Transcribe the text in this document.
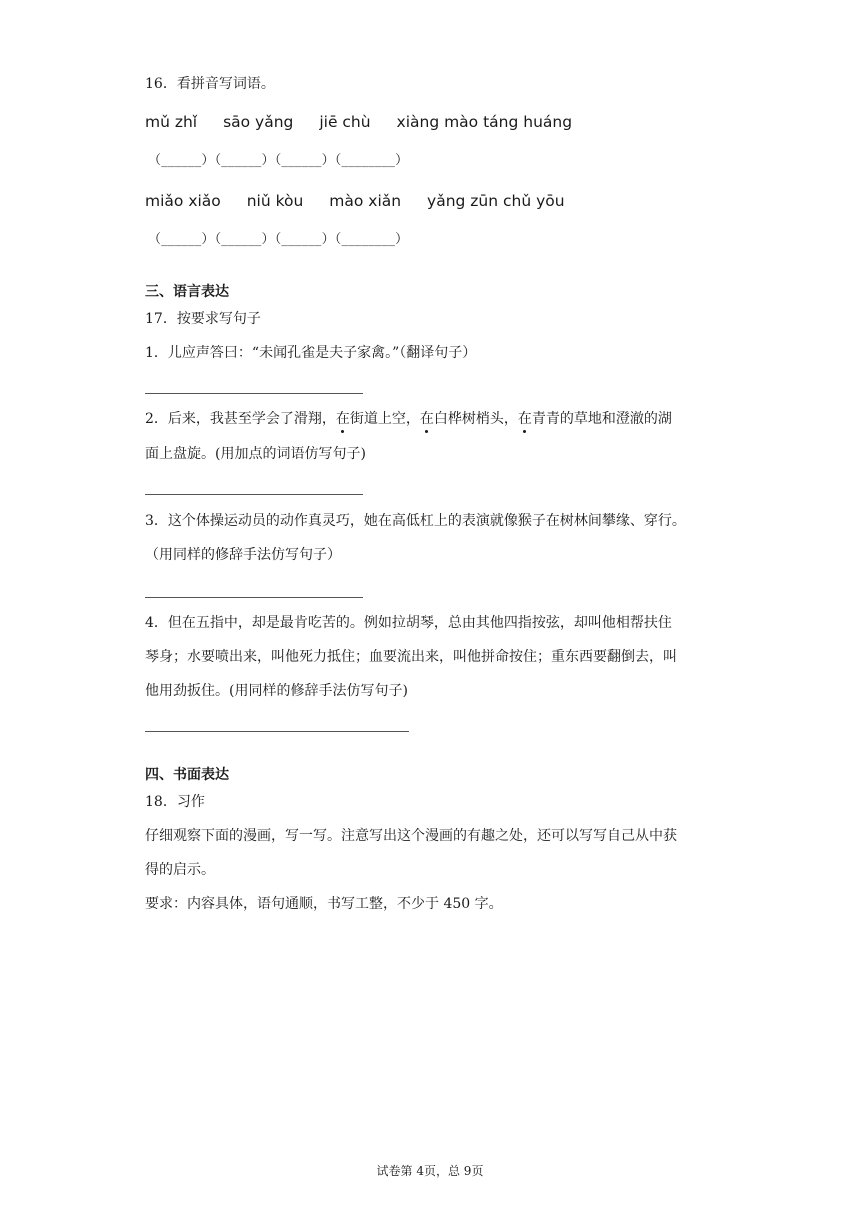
16．看拼音写词语。
mǔ zhǐ sāo yǎng jiē chù xiàng mào táng huáng
（______）（______）（______）（________）
miǎo xiǎo niǔ kòu mào xiǎn yǎng zūn chǔ yōu
（______）（______）（______）（________）
三、语言表达
17．按要求写句子
1．儿应声答曰：“未闻孔雀是夫子家禽。”（翻译句子）
2．后来，我甚至学会了滑翔，在街道上空，在白桦树梢头，在青青的草地和澄澈的湖
面上盘旋。(用加点的词语仿写句子)
3．这个体操运动员的动作真灵巧，她在高低杠上的表演就像猴子在树林间攀缘、穿行。
（用同样的修辞手法仿写句子）
4．但在五指中，却是最肯吃苦的。例如拉胡琴，总由其他四指按弦，却叫他相帮扶住
琴身；水要喷出来，叫他死力抵住；血要流出来，叫他拼命按住；重东西要翻倒去，叫
他用劲扳住。(用同样的修辞手法仿写句子)
四、书面表达
18．习作
仔细观察下面的漫画，写一写。注意写出这个漫画的有趣之处，还可以写写自己从中获
得的启示。
要求：内容具体，语句通顺，书写工整，不少于 450 字。
试卷第 4页，总 9页
